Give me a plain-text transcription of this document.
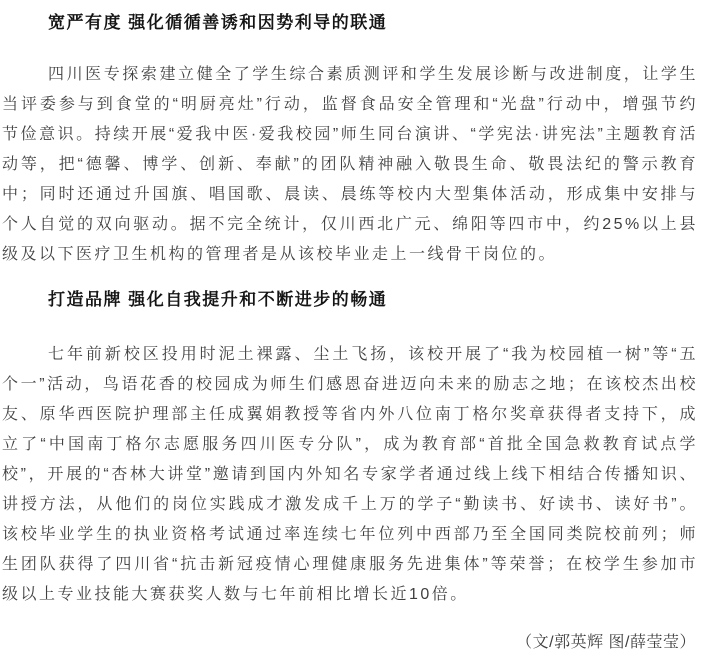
宽严有度 强化循循善诱和因势利导的联通

四川医专探索建立健全了学生综合素质测评和学生发展诊断与改进制度，让学生当评委参与到食堂的“明厨亮灶”行动，监督食品安全管理和“光盘”行动中，增强节约节俭意识。持续开展“爱我中医·爱我校园”师生同台演讲、“学宪法·讲宪法”主题教育活动等，把“德馨、博学、创新、奉献”的团队精神融入敬畏生命、敬畏法纪的警示教育中；同时还通过升国旗、唱国歌、晨读、晨练等校内大型集体活动，形成集中安排与个人自觉的双向驱动。据不完全统计，仅川西北广元、绵阳等四市中，约25%以上县级及以下医疗卫生机构的管理者是从该校毕业走上一线骨干岗位的。

打造品牌 强化自我提升和不断进步的畅通

七年前新校区投用时泥土裸露、尘土飞扬，该校开展了“我为校园植一树”等“五个一”活动，鸟语花香的校园成为师生们感恩奋进迈向未来的励志之地；在该校杰出校友、原华西医院护理部主任成翼娟教授等省内外八位南丁格尔奖章获得者支持下，成立了“中国南丁格尔志愿服务四川医专分队”，成为教育部“首批全国急救教育试点学校”，开展的“杏林大讲堂”邀请到国内外知名专家学者通过线上线下相结合传播知识、讲授方法，从他们的岗位实践成才激发成千上万的学子“勤读书、好读书、读好书”。该校毕业学生的执业资格考试通过率连续七年位列中西部乃至全国同类院校前列；师生团队获得了四川省“抗击新冠疫情心理健康服务先进集体”等荣誉；在校学生参加市级以上专业技能大赛获奖人数与七年前相比增长近10倍。

（文/郭英辉 图/薛莹莹）
